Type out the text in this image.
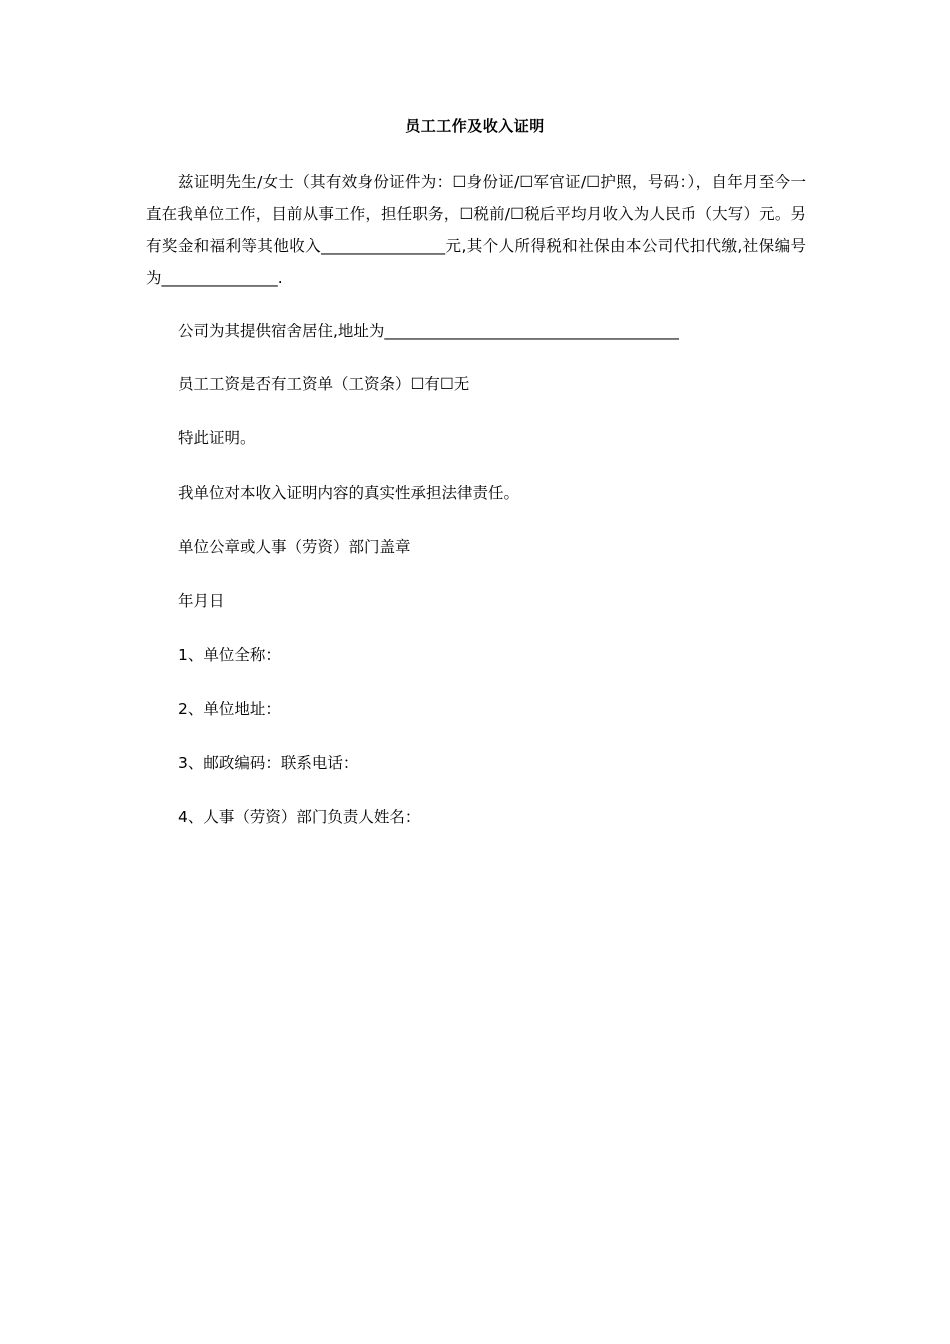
员工工作及收入证明
兹证明先生/女士（其有效身份证件为：☐身份证/☐军官证/☐护照，号码：），自年月至今一直在我单位工作，目前从事工作，担任职务，☐税前/☐税后平均月收入为人民币（大写）元。另有奖金和福利等其他收入________________元,其个人所得税和社保由本公司代扣代缴,社保编号为_______________.
公司为其提供宿舍居住,地址为______________________________________
员工工资是否有工资单（工资条）☐有☐无
特此证明。
我单位对本收入证明内容的真实性承担法律责任。
单位公章或人事（劳资）部门盖章
年月日
1、单位全称：
2、单位地址：
3、邮政编码：联系电话：
4、人事（劳资）部门负责人姓名：
